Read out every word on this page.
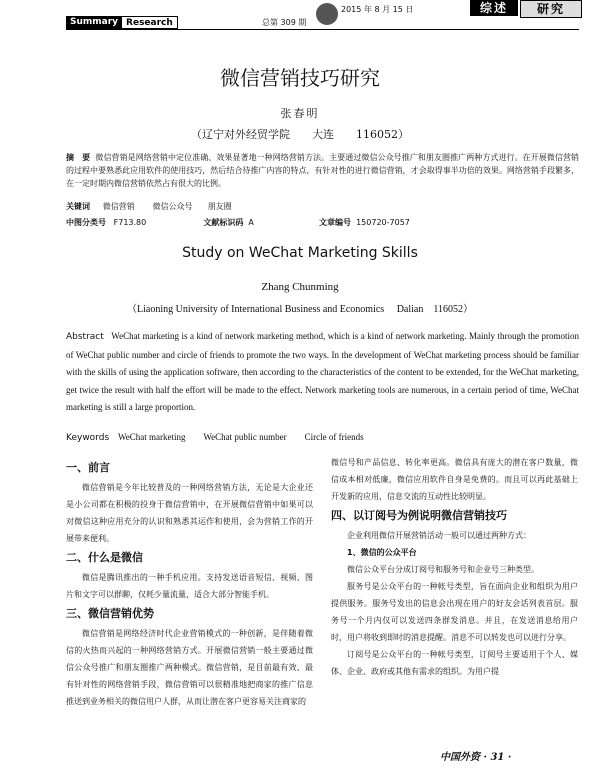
Summary Research	总第 309 期
2015 年 8 月 15 日	综述	研究
微信营销技巧研究
张春明
（辽宁对外经贸学院　　大连　　116052）
摘　要 微信营销是网络营销中定位准确、效果显著地一种网络营销方法。主要通过微信公众号推广和朋友圈推广两种方式进行。在开展微信营销的过程中要熟悉此应用软件的使用技巧，然后结合待推广内容的特点，有针对性的进行微信营销，才会取得事半功倍的效果。网络营销手段繁多，在一定时期内微信营销依然占有很大的比例。
关键词 微信营销 微信公众号 朋友圈
中图分类号 F713.80	文献标识码 A	文章编号 150720-7057
Study on WeChat Marketing Skills
Zhang Chunming
（Liaoning University of International Business and Economics　 Dalian　116052）
Abstract WeChat marketing is a kind of network marketing method, which is a kind of network marketing. Mainly through the promotion of WeChat public number and circle of friends to promote the two ways. In the development of WeChat marketing process should be familiar with the skills of using the application software, then according to the characteristics of the content to be extended, for the WeChat marketing, get twice the result with half the effort will be made to the effect. Network marketing tools are numerous, in a certain period of time, WeChat marketing is still a large proportion.
Keywords WeChat marketing WeChat public number Circle of friends
一、前言
微信营销是今年比较普及的一种网络营销方法，无论是大企业还是小公司都在积极的投身于微信营销中，在开展微信营销中如果可以对微信这种应用充分的认识和熟悉其运作和使用，会为营销工作的开展带来便利。
二、什么是微信
微信是腾讯推出的一种手机应用。支持发送语音短信、视频、图片和文字可以群聊，仅耗少量流量，适合大部分智能手机。
三、微信营销优势
微信营销是网络经济时代企业营销模式的一种创新，是伴随着微信的火热而兴起的一种网络营销方式。开展微信营销一般主要通过微信公众号推广和朋友圈推广两种模式。微信营销，是目前最有效、最有针对性的网络营销手段，微信营销可以很精准地把商家的推广信息推送到业务相关的微信用户人群，从而让潜在客户更容易关注商家的
微信号和产品信息、转化率更高。微信具有庞大的潜在客户数量，微信成本相对低廉，微信应用软件自身是免费的。而且可以再此基础上开发新的应用，信息交流的互动性比较明显。
四、以订阅号为例说明微信营销技巧
企业利用微信开展营销活动一般可以通过两种方式：
1、微信的公众平台
微信公众平台分成订阅号和服务号和企业号三种类型。
服务号是公众平台的一种帐号类型，旨在面向企业和组织为用户提供服务。服务号发出的信息会出现在用户的好友会话列表首层。服务号一个月内仅可以发送四条群发消息。并且，在发送消息给用户时，用户将收到即时的消息提醒。消息不可以转发也可以进行分享。
订阅号是公众平台的一种帐号类型，订阅号主要适用于个人、媒体、企业、政府或其他有需求的组织。为用户提
中国外资 · 31 ·
